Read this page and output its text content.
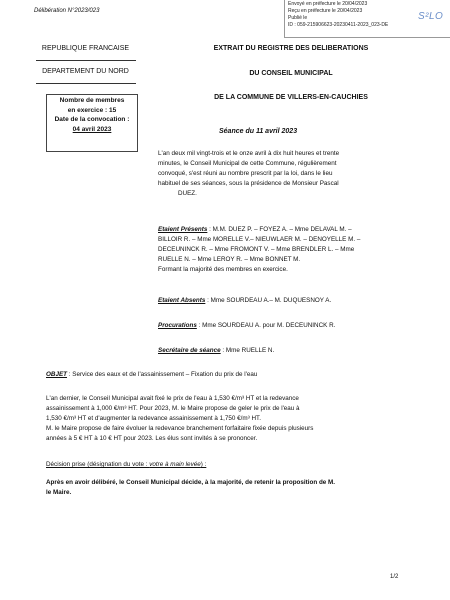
Envoyé en préfecture le 20/04/2023
Reçu en préfecture le 20/04/2023
Publié le
ID : 059-215906623-20230411-2023_023-DE
S²LO
Délibération N°2023/023
REPUBLIQUE FRANCAISE
DEPARTEMENT DU NORD
Nombre de membres
en exercice : 15
Date de la convocation :
04 avril 2023
EXTRAIT DU REGISTRE DES DELIBERATIONS
DU CONSEIL MUNICIPAL
DE LA COMMUNE DE VILLERS-EN-CAUCHIES
Séance du 11 avril 2023
L'an deux mil vingt-trois et le onze avril à dix huit heures et trente
minutes, le Conseil Municipal de cette Commune, régulièrement
convoqué, s'est réuni au nombre prescrit par la loi, dans le lieu
habituel de ses séances, sous la présidence de Monsieur Pascal
DUEZ.
Etaient Présents : M.M. DUEZ P. – FOYEZ A. – Mme DELAVAL M. –
BILLOIR R. – Mme MORELLE V.– NIEUWLAER M. – DENOYELLE M. –
DECEUNINCK R. – Mme FROMONT V. – Mme BRENDLER L. – Mme
RUELLE N. – Mme LEROY R. – Mme BONNET M.
Formant la majorité des membres en exercice.
Etaient Absents : Mme SOURDEAU A.– M. DUQUESNOY A.
Procurations : Mme SOURDEAU A. pour M. DECEUNINCK R.
Secrétaire de séance : Mme RUELLE N.
OBJET : Service des eaux et de l'assainissement – Fixation du prix de l'eau
L'an dernier, le Conseil Municipal avait fixé le prix de l'eau à 1,530 €/m³ HT et la redevance
assainissement à 1,000 €/m³ HT. Pour 2023, M. le Maire propose de geler le prix de l'eau à
1,530 €/m³ HT et d'augmenter la redevance assainissement à 1,750 €/m³ HT.
M. le Maire propose de faire évoluer la redevance branchement forfaitaire fixée depuis plusieurs
années à 5 € HT à 10 € HT pour 2023. Les élus sont invités à se prononcer.
Décision prise (désignation du vote : votre à main levée) :
Après en avoir délibéré, le Conseil Municipal décide, à la majorité, de retenir la proposition de M.
le Maire.
1/2
